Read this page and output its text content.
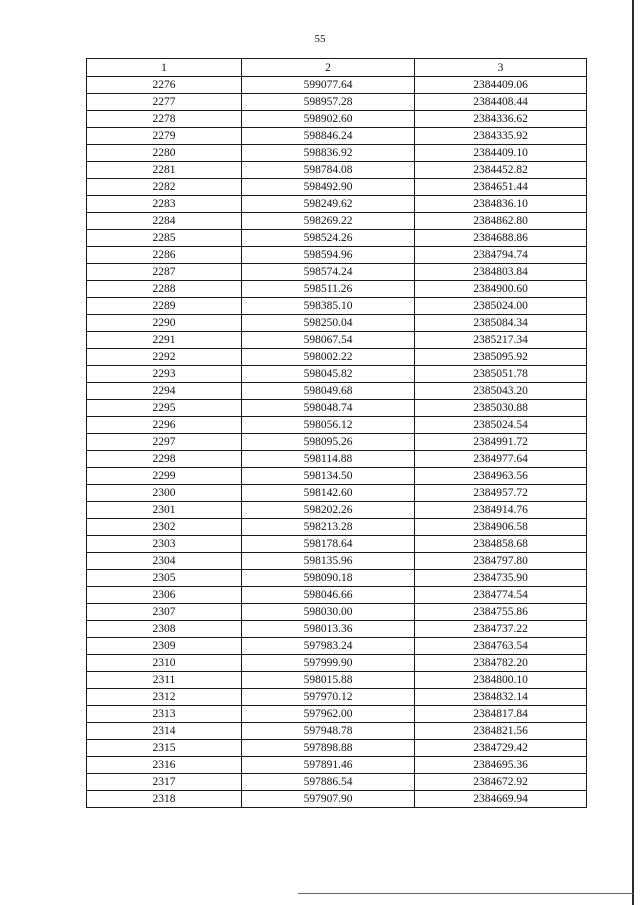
55
1	2	3
2276	599077.64	2384409.06
2277	598957.28	2384408.44
2278	598902.60	2384336.62
2279	598846.24	2384335.92
2280	598836.92	2384409.10
2281	598784.08	2384452.82
2282	598492.90	2384651.44
2283	598249.62	2384836.10
2284	598269.22	2384862.80
2285	598524.26	2384688.86
2286	598594.96	2384794.74
2287	598574.24	2384803.84
2288	598511.26	2384900.60
2289	598385.10	2385024.00
2290	598250.04	2385084.34
2291	598067.54	2385217.34
2292	598002.22	2385095.92
2293	598045.82	2385051.78
2294	598049.68	2385043.20
2295	598048.74	2385030.88
2296	598056.12	2385024.54
2297	598095.26	2384991.72
2298	598114.88	2384977.64
2299	598134.50	2384963.56
2300	598142.60	2384957.72
2301	598202.26	2384914.76
2302	598213.28	2384906.58
2303	598178.64	2384858.68
2304	598135.96	2384797.80
2305	598090.18	2384735.90
2306	598046.66	2384774.54
2307	598030.00	2384755.86
2308	598013.36	2384737.22
2309	597983.24	2384763.54
2310	597999.90	2384782.20
2311	598015.88	2384800.10
2312	597970.12	2384832.14
2313	597962.00	2384817.84
2314	597948.78	2384821.56
2315	597898.88	2384729.42
2316	597891.46	2384695.36
2317	597886.54	2384672.92
2318	597907.90	2384669.94
